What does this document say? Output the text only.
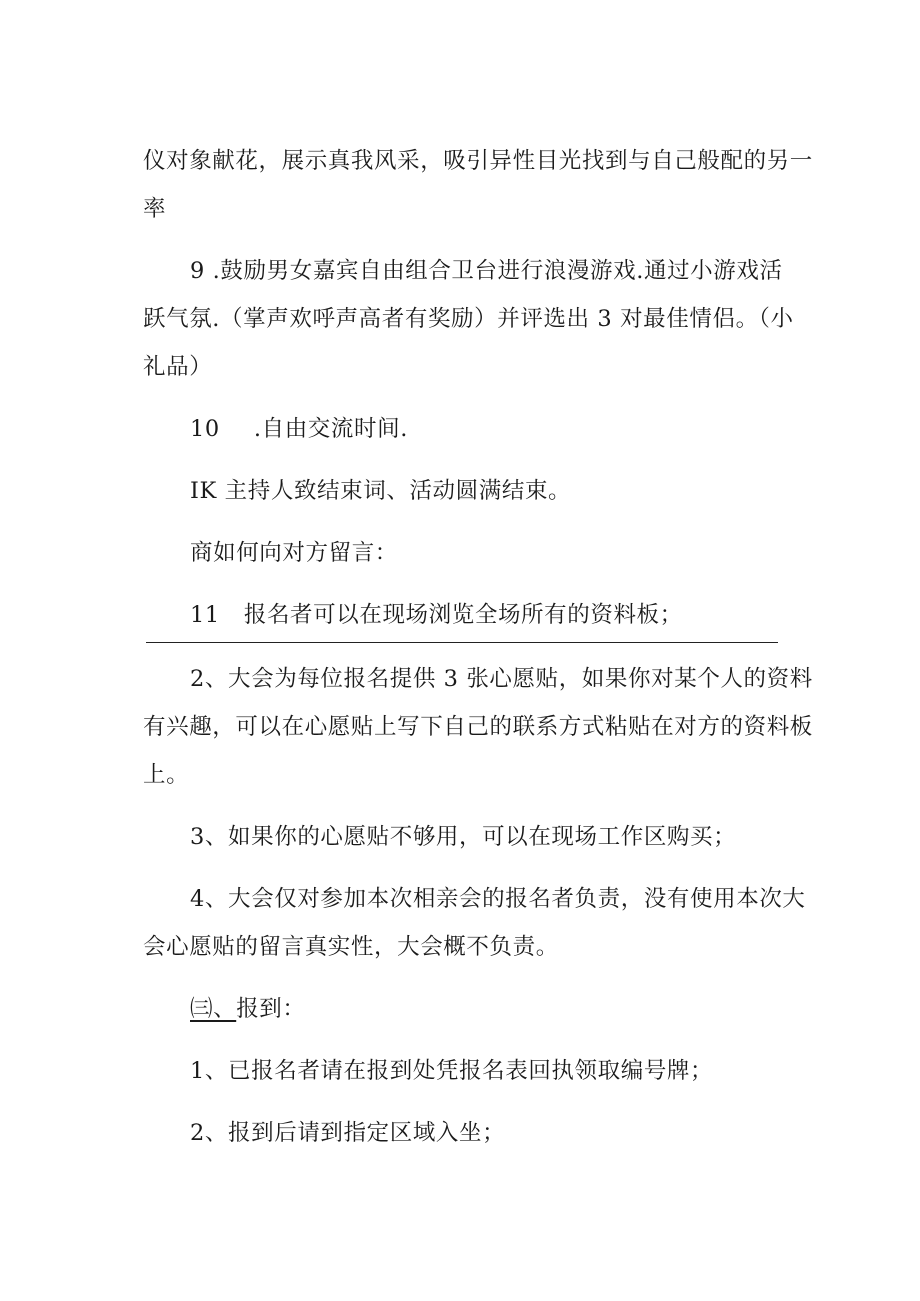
仪对象献花，展示真我风采，吸引异性目光找到与自己般配的另一
率
9 .鼓励男女嘉宾自由组合卫台进行浪漫游戏.通过小游戏活
跃气氛.（掌声欢呼声高者有奖励）并评选出 3 对最佳情侣。（小
礼品）
10 .自由交流时间.
IK 主持人致结束词、活动圆满结束。
商如何向对方留言：
11 报名者可以在现场浏览全场所有的资料板；
2、大会为每位报名提供 3 张心愿贴，如果你对某个人的资料
有兴趣，可以在心愿贴上写下自己的联系方式粘贴在对方的资料板
上。
3、如果你的心愿贴不够用，可以在现场工作区购买；
4、大会仅对参加本次相亲会的报名者负责，没有使用本次大
会心愿贴的留言真实性，大会概不负责。
㈢、报到：
1、已报名者请在报到处凭报名表回执领取编号牌；
2、报到后请到指定区域入坐；
